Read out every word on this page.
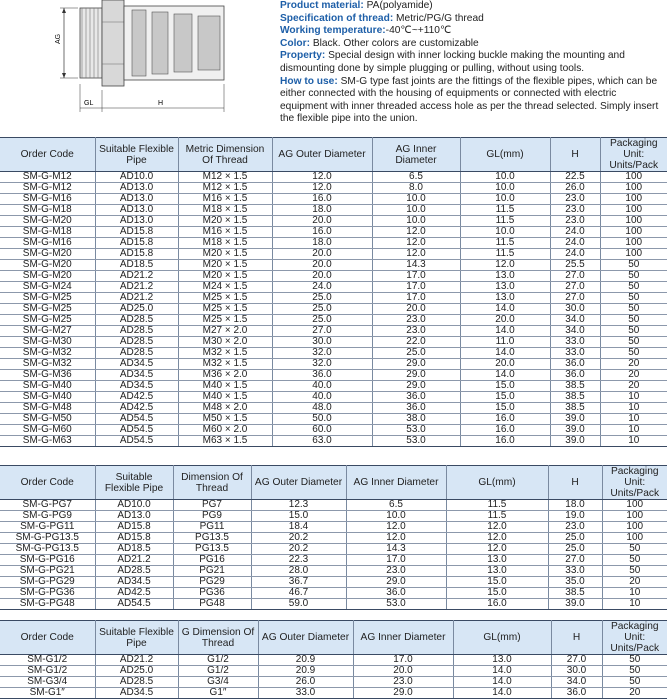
AG
GL	H
Product material: PA(polyamide)
Specification of thread: Metric/PG/G thread
Working temperature:-40℃~+110℃
Color: Black. Other colors are customizable
Property: Special design with inner locking buckle making the mounting and dismounting done by simple plugging or pulling, without using tools.
How to use: SM-G type fast joints are the fittings of the flexible pipes, which can be either connected with the housing of equipments or connected with electric equipment with inner threaded access hole as per the thread selected. Simply insert the flexible pipe into the union.
Order Code	Suitable Flexible Pipe	Metric Dimension Of Thread	AG Outer Diameter	AG Inner Diameter	GL(mm)	H	Packaging Unit: Units/Pack
SM-G-M12	AD10.0	M12 × 1.5	12.0	6.5	10.0	22.5	100
SM-G-M12	AD13.0	M12 × 1.5	12.0	8.0	10.0	26.0	100
SM-G-M16	AD13.0	M16 × 1.5	16.0	10.0	10.0	23.0	100
SM-G-M18	AD13.0	M18 × 1.5	18.0	10.0	11.5	23.0	100
SM-G-M20	AD13.0	M20 × 1.5	20.0	10.0	11.5	23.0	100
SM-G-M18	AD15.8	M16 × 1.5	16.0	12.0	10.0	24.0	100
SM-G-M16	AD15.8	M18 × 1.5	18.0	12.0	11.5	24.0	100
SM-G-M20	AD15.8	M20 × 1.5	20.0	12.0	11.5	24.0	100
SM-G-M20	AD18.5	M20 × 1.5	20.0	14.3	12.0	25.5	50
SM-G-M20	AD21.2	M20 × 1.5	20.0	17.0	13.0	27.0	50
SM-G-M24	AD21.2	M24 × 1.5	24.0	17.0	13.0	27.0	50
SM-G-M25	AD21.2	M25 × 1.5	25.0	17.0	13.0	27.0	50
SM-G-M25	AD25.0	M25 × 1.5	25.0	20.0	14.0	30.0	50
SM-G-M25	AD28.5	M25 × 1.5	25.0	23.0	20.0	34.0	50
SM-G-M27	AD28.5	M27 × 2.0	27.0	23.0	14.0	34.0	50
SM-G-M30	AD28.5	M30 × 2.0	30.0	22.0	11.0	33.0	50
SM-G-M32	AD28.5	M32 × 1.5	32.0	25.0	14.0	33.0	50
SM-G-M32	AD34.5	M32 × 1.5	32.0	29.0	20.0	36.0	20
SM-G-M36	AD34.5	M36 × 2.0	36.0	29.0	14.0	36.0	20
SM-G-M40	AD34.5	M40 × 1.5	40.0	29.0	15.0	38.5	20
SM-G-M40	AD42.5	M40 × 1.5	40.0	36.0	15.0	38.5	10
SM-G-M48	AD42.5	M48 × 2.0	48.0	36.0	15.0	38.5	10
SM-G-M50	AD54.5	M50 × 1.5	50.0	38.0	16.0	39.0	10
SM-G-M60	AD54.5	M60 × 2.0	60.0	53.0	16.0	39.0	10
SM-G-M63	AD54.5	M63 × 1.5	63.0	53.0	16.0	39.0	10
Order Code	Suitable Flexible Pipe	Dimension Of Thread	AG Outer Diameter	AG Inner Diameter	GL(mm)	H	Packaging Unit: Units/Pack
SM-G-PG7	AD10.0	PG7	12.3	6.5	11.5	18.0	100
SM-G-PG9	AD13.0	PG9	15.0	10.0	11.5	19.0	100
SM-G-PG11	AD15.8	PG11	18.4	12.0	12.0	23.0	100
SM-G-PG13.5	AD15.8	PG13.5	20.2	12.0	12.0	25.0	100
SM-G-PG13.5	AD18.5	PG13.5	20.2	14.3	12.0	25.0	50
SM-G-PG16	AD21.2	PG16	22.3	17.0	13.0	27.0	50
SM-G-PG21	AD28.5	PG21	28.0	23.0	13.0	33.0	50
SM-G-PG29	AD34.5	PG29	36.7	29.0	15.0	35.0	20
SM-G-PG36	AD42.5	PG36	46.7	36.0	15.0	38.5	10
SM-G-PG48	AD54.5	PG48	59.0	53.0	16.0	39.0	10
Order Code	Suitable Flexible Pipe	G Dimension Of Thread	AG Outer Diameter	AG Inner Diameter	GL(mm)	H	Packaging Unit: Units/Pack
SM-G1/2	AD21.2	G1/2	20.9	17.0	13.0	27.0	50
SM-G1/2	AD25.0	G1/2	20.9	20.0	14.0	30.0	50
SM-G3/4	AD28.5	G3/4	26.0	23.0	14.0	34.0	50
SM-G1″	AD34.5	G1″	33.0	29.0	14.0	36.0	20
